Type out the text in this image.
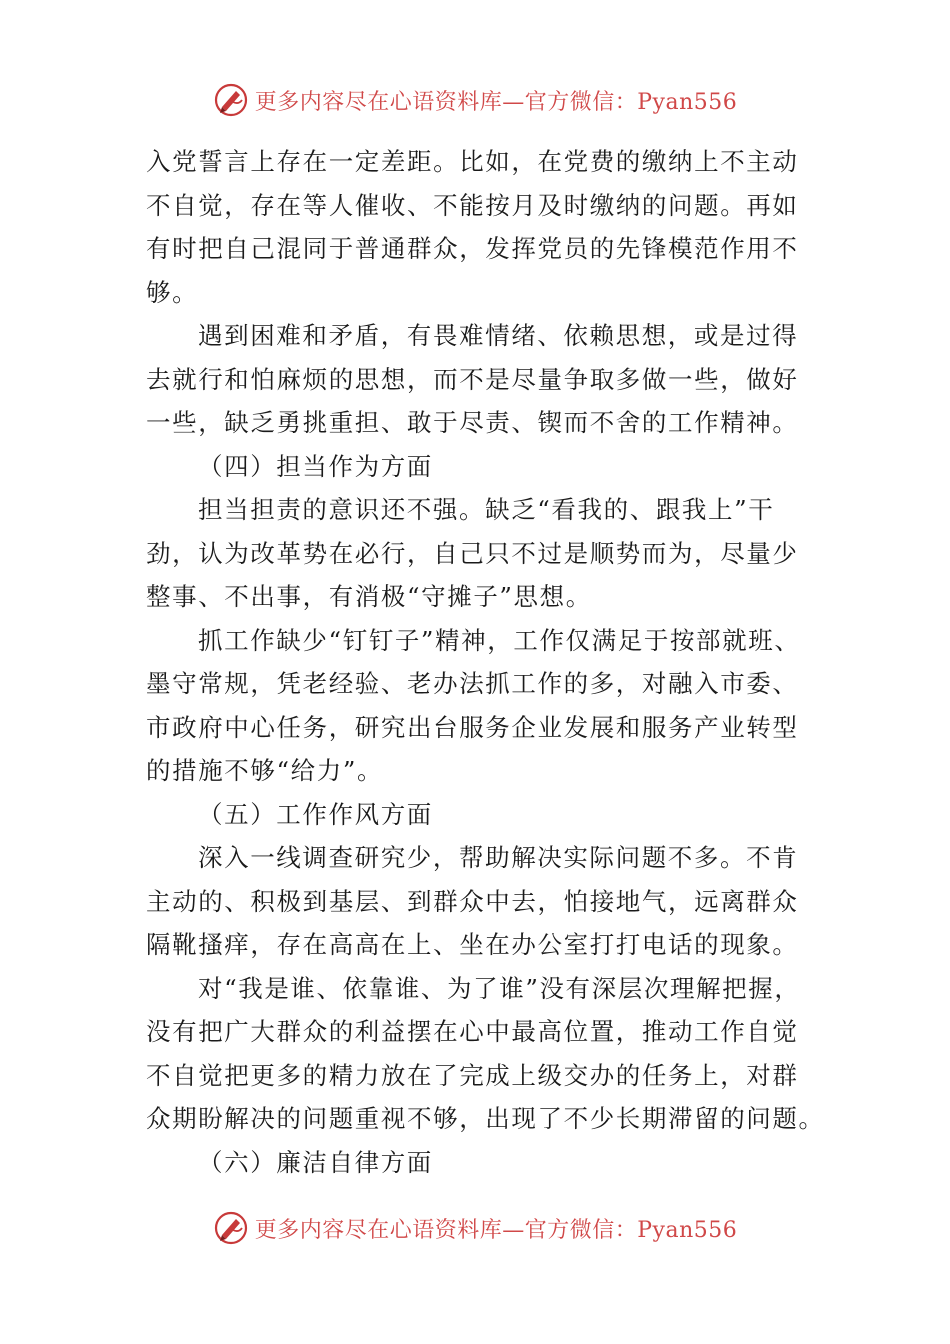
更多内容尽在心语资料库—官方微信：Pyan556
入党誓言上存在一定差距。比如，在党费的缴纳上不主动
不自觉，存在等人催收、不能按月及时缴纳的问题。再如
有时把自己混同于普通群众，发挥党员的先锋模范作用不
够。
遇到困难和矛盾，有畏难情绪、依赖思想，或是过得
去就行和怕麻烦的思想，而不是尽量争取多做一些，做好
一些，缺乏勇挑重担、敢于尽责、锲而不舍的工作精神。
（四）担当作为方面
担当担责的意识还不强。缺乏“看我的、跟我上”干
劲，认为改革势在必行，自己只不过是顺势而为，尽量少
整事、不出事，有消极“守摊子”思想。
抓工作缺少“钉钉子”精神，工作仅满足于按部就班、
墨守常规，凭老经验、老办法抓工作的多，对融入市委、
市政府中心任务，研究出台服务企业发展和服务产业转型
的措施不够“给力”。
（五）工作作风方面
深入一线调查研究少，帮助解决实际问题不多。不肯
主动的、积极到基层、到群众中去，怕接地气，远离群众
隔靴搔痒，存在高高在上、坐在办公室打打电话的现象。
对“我是谁、依靠谁、为了谁”没有深层次理解把握，
没有把广大群众的利益摆在心中最高位置，推动工作自觉
不自觉把更多的精力放在了完成上级交办的任务上，对群
众期盼解决的问题重视不够，出现了不少长期滞留的问题。
（六）廉洁自律方面
更多内容尽在心语资料库—官方微信：Pyan556
